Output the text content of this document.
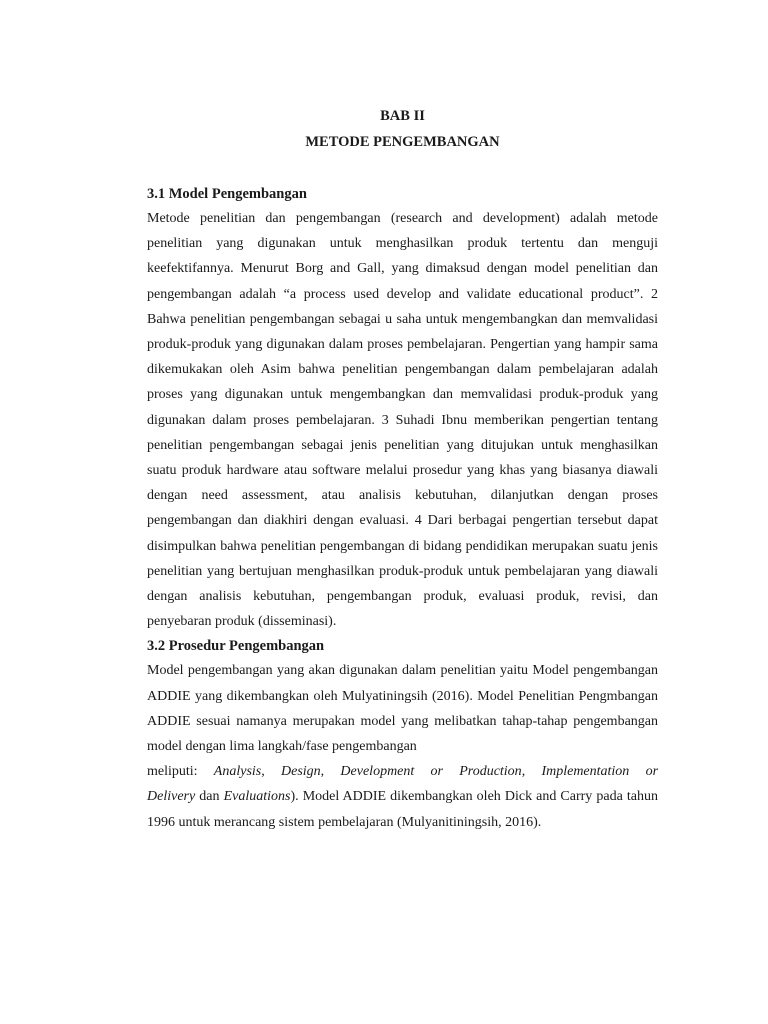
BAB II
METODE PENGEMBANGAN
3.1 Model Pengembangan

Metode penelitian dan pengembangan (research and development) adalah metode penelitian yang digunakan untuk menghasilkan produk tertentu dan menguji keefektifannya. Menurut Borg and Gall, yang dimaksud dengan model penelitian dan pengembangan adalah “a process used develop and validate educational product”. 2 Bahwa penelitian pengembangan sebagai u saha untuk mengembangkan dan memvalidasi produk-produk yang digunakan dalam proses pembelajaran. Pengertian yang hampir sama dikemukakan oleh Asim bahwa penelitian pengembangan dalam pembelajaran adalah proses yang digunakan untuk mengembangkan dan memvalidasi produk-produk yang digunakan dalam proses pembelajaran. 3 Suhadi Ibnu memberikan pengertian tentang penelitian pengembangan sebagai jenis penelitian yang ditujukan untuk menghasilkan suatu produk hardware atau software melalui prosedur yang khas yang biasanya diawali dengan need assessment, atau analisis kebutuhan, dilanjutkan dengan proses pengembangan dan diakhiri dengan evaluasi. 4 Dari berbagai pengertian tersebut dapat disimpulkan bahwa penelitian pengembangan di bidang pendidikan merupakan suatu jenis penelitian yang bertujuan menghasilkan produk-produk untuk pembelajaran yang diawali dengan analisis kebutuhan, pengembangan produk, evaluasi produk, revisi, dan penyebaran produk (disseminasi).

3.2 Prosedur Pengembangan

Model pengembangan yang akan digunakan dalam penelitian yaitu Model pengembangan ADDIE yang dikembangkan oleh Mulyatiningsih (2016). Model Penelitian Pengmbangan ADDIE sesuai namanya merupakan model yang melibatkan tahap-tahap pengembangan model dengan lima langkah/fase pengembangan

meliputi: Analysis, Design, Development or Production, Implementation or

Delivery dan Evaluations). Model ADDIE dikembangkan oleh Dick and Carry pada tahun 1996 untuk merancang sistem pembelajaran (Mulyanitiningsih, 2016).
